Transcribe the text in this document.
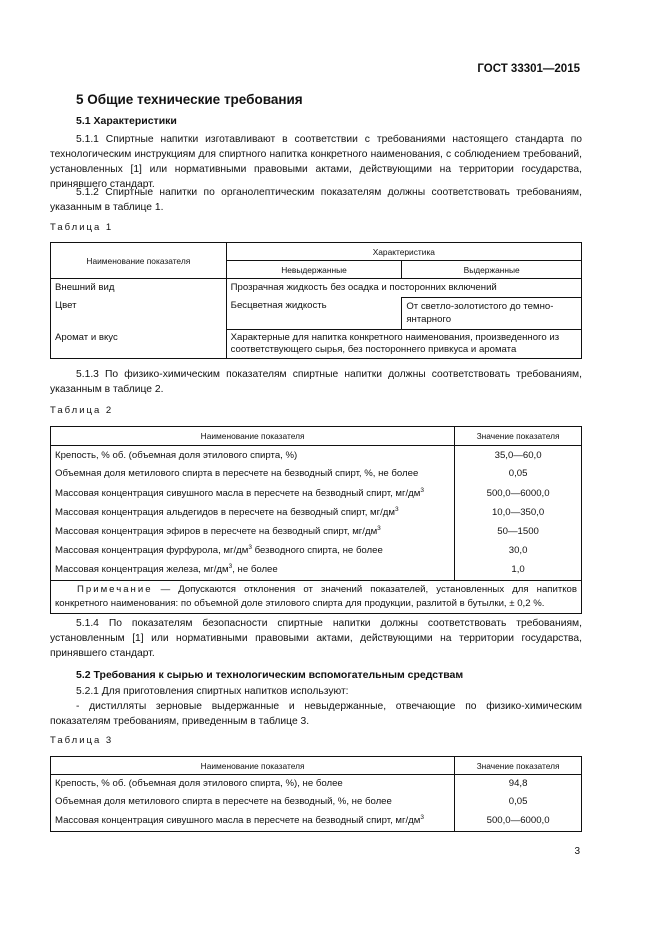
ГОСТ 33301—2015
5 Общие технические требования
5.1 Характеристики
5.1.1 Спиртные напитки изготавливают в соответствии с требованиями настоящего стандарта по технологическим инструкциям для спиртного напитка конкретного наименования, с соблюдением требований, установленных [1] или нормативными правовыми актами, действующими на территории государства, принявшего стандарт.
5.1.2 Спиртные напитки по органолептическим показателям должны соответствовать требованиям, указанным в таблице 1.
Таблица 1
Наименование показателя	Характеристика	
	Невыдержанные	Выдержанные
Внешний вид	Прозрачная жидкость без осадка и посторонних включений	
Цвет	Бесцветная жидкость	От светло-золотистого до темно-янтарного
Аромат и вкус	Характерные для напитка конкретного наименования, произведенного из соответствующего сырья, без постороннего привкуса и аромата	
5.1.3 По физико-химическим показателям спиртные напитки должны соответствовать требованиям, указанным в таблице 2.
Таблица 2
Наименование показателя	Значение показателя
Крепость, % об. (объемная доля этилового спирта, %)	35,0—60,0
Объемная доля метилового спирта в пересчете на безводный спирт, %, не более	0,05
Массовая концентрация сивушного масла в пересчете на безводный спирт, $мг/дм^3$	500,0—6000,0
Массовая концентрация альдегидов в пересчете на безводный спирт, $мг/дм^3$	10,0—350,0
Массовая концентрация эфиров в пересчете на безводный спирт, $мг/дм^3$	50—1500
Массовая концентрация фурфурола, $мг/дм^3$ безводного спирта, не более	30,0
Массовая концентрация железа, $мг/дм^3$, не более	1,0
Примечание — Допускаются отклонения от значений показателей, установленных для напитков конкретного наименования: по объемной доле этилового спирта для продукции, разлитой в бутылки, ± 0,2 %.	
5.1.4 По показателям безопасности спиртные напитки должны соответствовать требованиям, установленным [1] или нормативными правовыми актами, действующими на территории государства, принявшего стандарт.
5.2 Требования к сырью и технологическим вспомогательным средствам
5.2.1 Для приготовления спиртных напитков используют:
- дистилляты зерновые выдержанные и невыдержанные, отвечающие по физико-химическим показателям требованиям, приведенным в таблице 3.
Таблица 3
Наименование показателя	Значение показателя
Крепость, % об. (объемная доля этилового спирта, %), не более	94,8
Объемная доля метилового спирта в пересчете на безводный, %, не более	0,05
Массовая концентрация сивушного масла в пересчете на безводный спирт, $мг/дм^3$	500,0—6000,0
3
